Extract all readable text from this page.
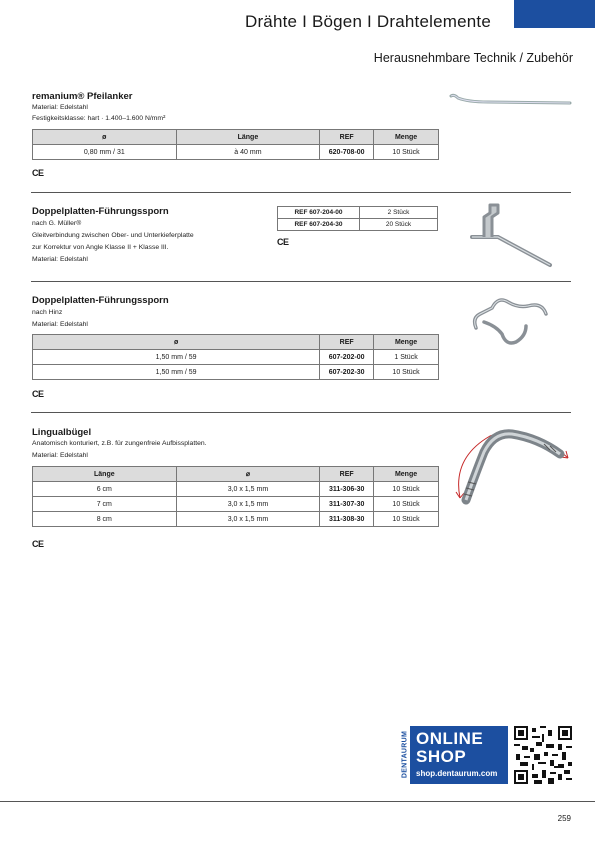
Drähte I Bögen I Drahtelemente
Herausnehmbare Technik / Zubehör
remanium® Pfeilanker
Material: Edelstahl
Festigkeitsklasse: hart · 1.400–1.600 N/mm²
ø	Länge	REF	Menge
0,80 mm / 31	à 40 mm	620-708-00	10 Stück
CE
Doppelplatten-Führungssporn
nach G. Müller®
Gleitverbindung zwischen Ober- und Unterkieferplatte
zur Korrektur von Angle Klasse II + Klasse III.
Material: Edelstahl
REF 607-204-00	2 Stück
REF 607-204-30	20 Stück
CE
Doppelplatten-Führungssporn
nach Hinz
Material: Edelstahl
ø	REF	Menge
1,50 mm / 59	607-202-00	1 Stück
1,50 mm / 59	607-202-30	10 Stück
CE
Lingualbügel
Anatomisch konturiert, z.B. für zungenfreie Aufbissplatten.
Material: Edelstahl
Länge	⌀	REF	Menge
6 cm	3,0 x 1,5 mm	311-306-30	10 Stück
7 cm	3,0 x 1,5 mm	311-307-30	10 Stück
8 cm	3,0 x 1,5 mm	311-308-30	10 Stück
CE
DENTAURUM ONLINE
SHOP
shop.dentaurum.com
259
